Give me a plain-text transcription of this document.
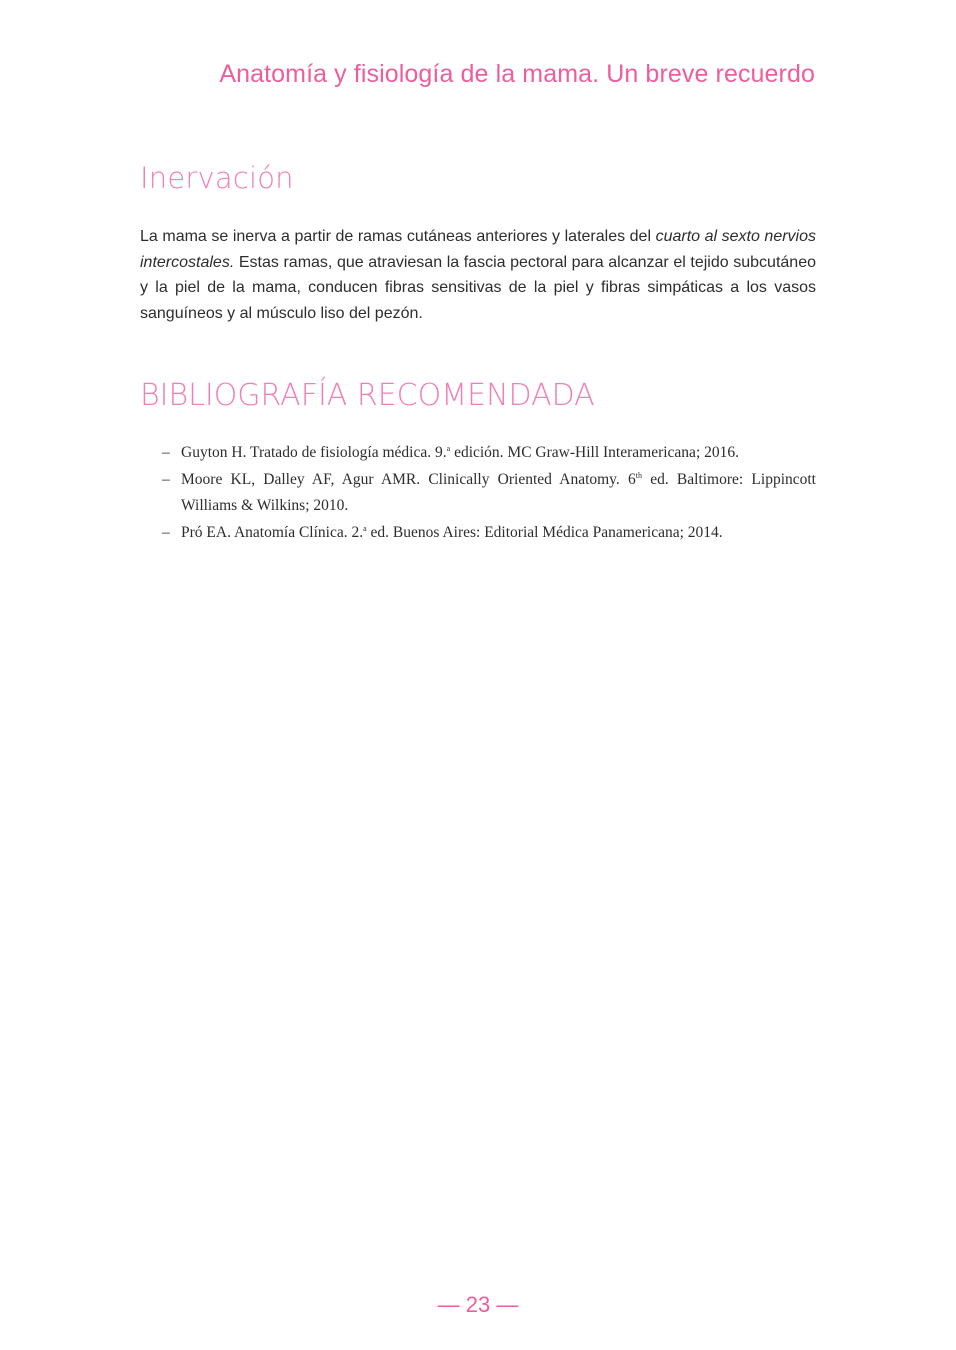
Anatomía y fisiología de la mama. Un breve recuerdo
Inervación

La mama se inerva a partir de ramas cutáneas anteriores y laterales del cuarto al sexto nervios intercostales. Estas ramas, que atraviesan la fascia pectoral para alcanzar el tejido subcutáneo y la piel de la mama, conducen fibras sensitivas de la piel y fibras simpáticas a los vasos sanguíneos y al músculo liso del pezón.

BIBLIOGRAFÍA RECOMENDADA
– Guyton H. Tratado de fisiología médica. 9.$^a$ edición. MC Graw-Hill Interamericana; 2016.
– Moore KL, Dalley AF, Agur AMR. Clinically Oriented Anatomy. 6th ed. Baltimore: Lippincott Williams & Wilkins; 2010.
– Pró EA. Anatomía Clínica. 2.$^a$ ed. Buenos Aires: Editorial Médica Panamericana; 2014.
— 23 —
